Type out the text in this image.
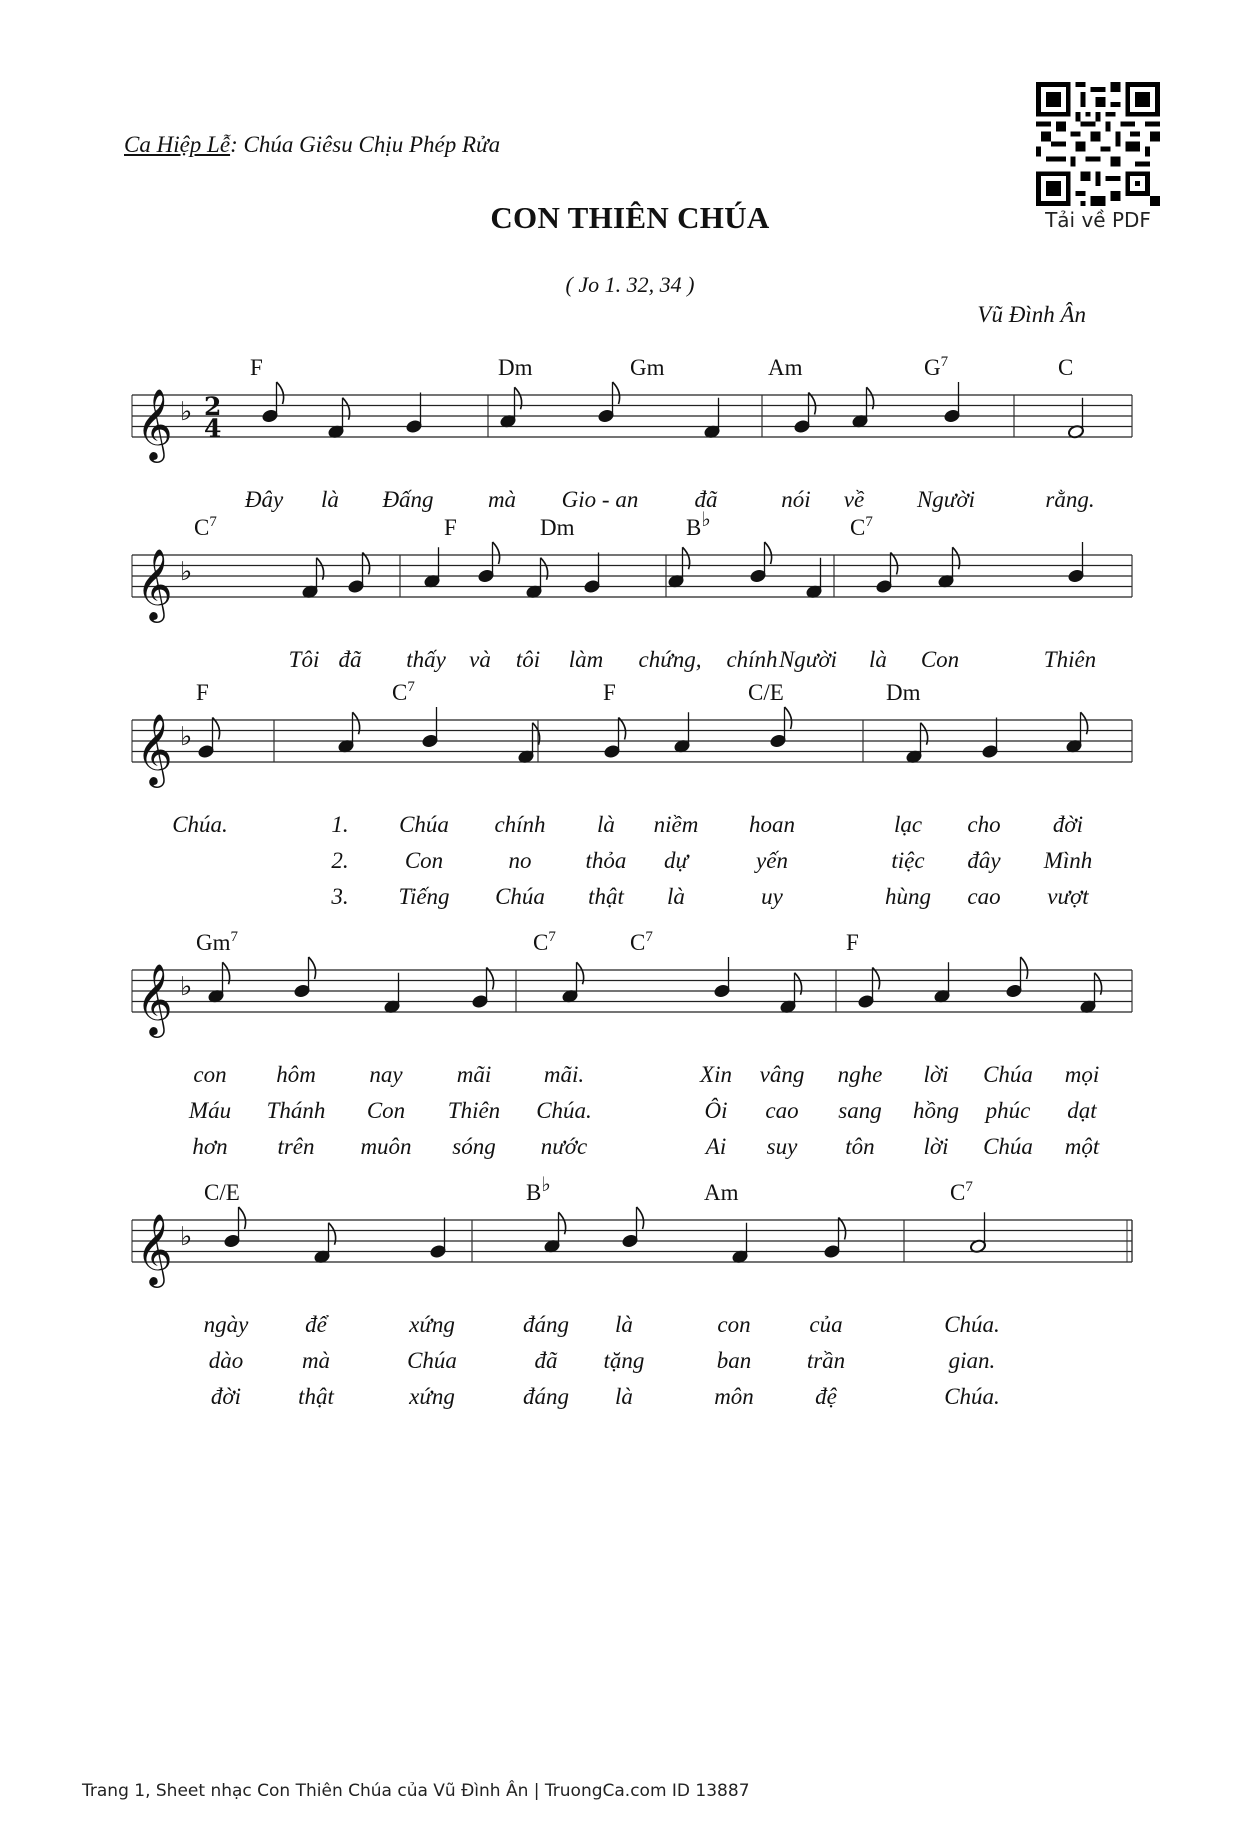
Ca Hiệp Lễ: Chúa Giêsu Chịu Phép Rửa
CON THIÊN CHÚA
( Jo 1. 32, 34 )
Vũ Đình Ân
Tải về PDF
𝄞 ♭ 2
4
F	Dm	Gm	Am	$G^7$	C
Đây là Đấng mà Gio - an đã	nói về Người	rằng.
𝄞 ♭
$C^7$	F	Dm	B♭	$C^7$
Tôi đã thấy và tôi làm chứng, chính Người là Con	Thiên
𝄞 ♭
F	$C^7$	F	C/E	Dm
Chúa.	1. Chúa chính là niềm hoan	lạc cho đời
2. Con	no thỏa dự	yến	tiệc đây Mình
3. Tiếng Chúa thật là	uy	hùng cao vượt
𝄞 ♭
Gm$^7$	$C^7$	$C^7$	F
con hôm nay mãi mãi.	Xin vâng nghe lời Chúa mọi
Máu Thánh Con Thiên Chúa.	Ôi cao sang hồng phúc dạt
hơn trên muôn sóng nước	Ai suy tôn lời Chúa một
𝄞 ♭
C/E	B♭	Am	$C^7$
ngày để	xứng	đáng là	con	của	Chúa.
dào	mà	Chúa	đã tặng	ban trần	gian.
đời thật	xứng	đáng là	môn	đệ	Chúa.
Trang 1, Sheet nhạc Con Thiên Chúa của Vũ Đình Ân | TruongCa.com ID 13887
